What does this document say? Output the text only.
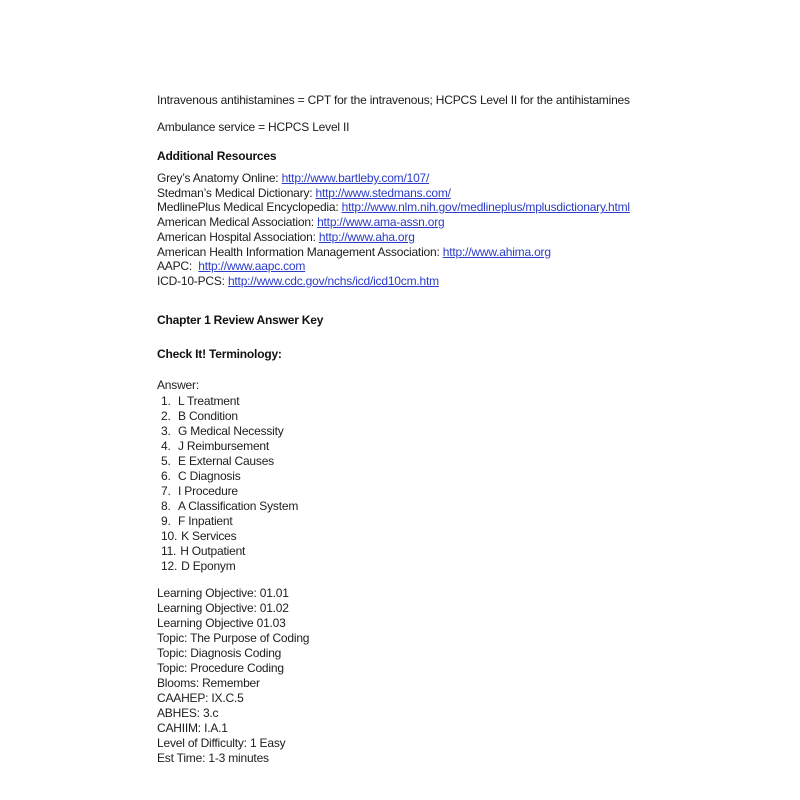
Intravenous antihistamines = CPT for the intravenous; HCPCS Level II for the antihistamines
Ambulance service = HCPCS Level II
Additional Resources
Grey’s Anatomy Online: http://www.bartleby.com/107/
Stedman’s Medical Dictionary: http://www.stedmans.com/
MedlinePlus Medical Encyclopedia: http://www.nlm.nih.gov/medlineplus/mplusdictionary.html
American Medical Association: http://www.ama-assn.org
American Hospital Association: http://www.aha.org
American Health Information Management Association: http://www.ahima.org
AAPC:  http://www.aapc.com
ICD-10-PCS: http://www.cdc.gov/nchs/icd/icd10cm.htm
Chapter 1 Review Answer Key
Check It! Terminology:
Answer:
1. L Treatment
2. B Condition
3. G Medical Necessity
4. J Reimbursement
5. E External Causes
6. C Diagnosis
7. I Procedure
8. A Classification System
9. F Inpatient
10. K Services
11. H Outpatient
12. D Eponym
Learning Objective: 01.01
Learning Objective: 01.02
Learning Objective 01.03
Topic: The Purpose of Coding
Topic: Diagnosis Coding
Topic: Procedure Coding
Blooms: Remember
CAAHEP: IX.C.5
ABHES: 3.c
CAHIIM: I.A.1
Level of Difficulty: 1 Easy
Est Time: 1-3 minutes
